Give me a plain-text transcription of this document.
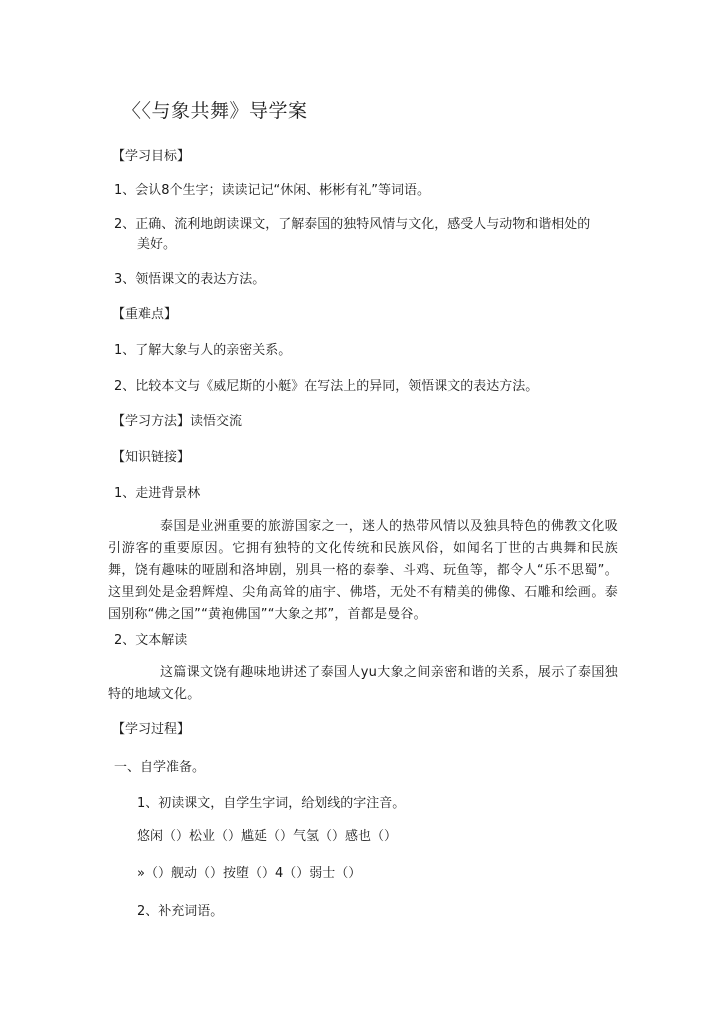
〈〈与象共舞》导学案
【学习目标】
1、会认8个生字；读读记记“休闲、彬彬有礼”等词语。
2、正确、流利地朗读课文，了解泰国的独特风情与文化，感受人与动物和谐相处的
美好。
3、领悟课文的表达方法。
【重难点】
1、了解大象与人的亲密关系。
2、比较本文与《威尼斯的小艇》在写法上的异同，领悟课文的表达方法。
【学习方法】读悟交流
【知识链接】
1、走进背景林
泰国是业洲重要的旅游国家之一，迷人的热带风情以及独具特色的佛教文化吸引游客的重要原因。它拥有独特的文化传统和民族风俗，如闻名丁世的古典舞和民族舞，饶有趣味的哑剧和洛坤剧，别具一格的泰拳、斗鸡、玩鱼等，都令人“乐不思蜀”。这里到处是金碧辉煌、尖角高耸的庙宇、佛塔，无处不有精美的佛像、石雕和绘画。泰国别称“佛之国”“黄袍佛国”“大象之邦”，首都是曼谷。
2、文本解读
这篇课文饶有趣味地讲述了泰国人yu大象之间亲密和谐的关系，展示了泰国独特的地域文化。
【学习过程】
一、自学准备。
1、初读课文，自学生字词，给划线的字注音。
悠闲（）松业（）尴延（）气氢（）感也（）
»（）舰动（）按堕（）4（）弱士（）
2、补充词语。
